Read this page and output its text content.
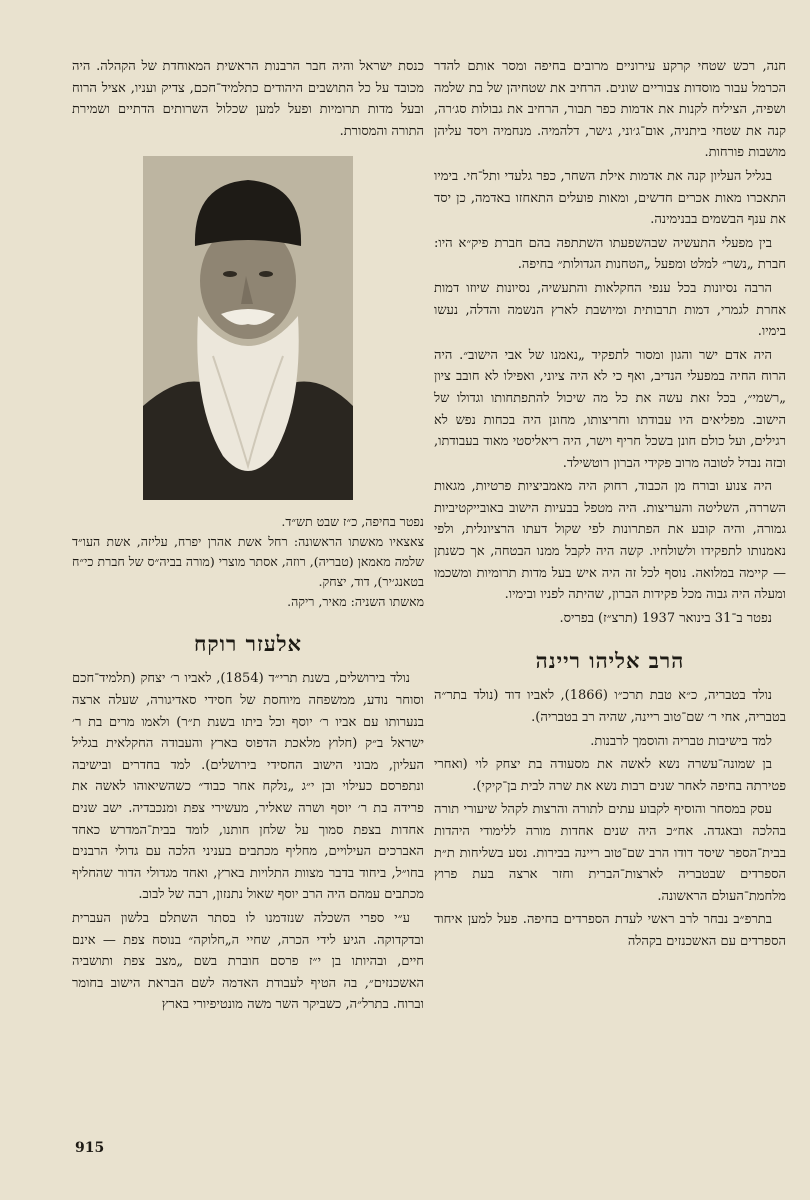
חנה, רכש שטחי קרקע עירוניים מרובים בחיפה ומסר אותם להדר הכרמל עבור מוסדות צבוריים שונים. הרחיב את שטחיהן של בת שלמה ושפיה, הציליח לקנות את אדמות כפר תבור, הרחיב את גבולות סג׳רה, קנה את שטחי ביתניה, אום־ג׳וני, ג׳שר, דלהמיה. מנחמיה ויסד עליהן מושבות פורחות.

בגליל העליון קנה את אדמות אילת השחר, כפר גלעדי ותל־חי. בימיו התאכרו מאות אכרים חדשים, ומאות פועלים התאחזו באדמה, כן יסד את ענף הבשמים בבנימינה.

בין מפעלי התעשיה שבהשפעתו השתתפה בהם חברת פיק״א היו: חברת „נשר״ למלט ומפעל „הטחנות הגדולות״ בחיפה.

הרבה נסיונות בכל ענפי החקלאות והתעשיה, נסיונות שיוזו דמות אחרת לגמרי, דמות תרבותית ומיושבת לארץ הנשמה והדלה, נעשו בימיו.

היה אדם ישר והגון ומסור לתפקיד „נאמנו של אבי הישוב״. היה הרוח החיה במפעלי הנדיב, ואף כי לא היה ציוני, ואפילו לא חובב ציון „רשמי״, בכל זאת עשה את כל מה שיכול להתפתחותו וגדולו של הישוב. מפליאים היו עבודתו וחריצותו, מחונן היה בכחות נפש לא רגילים, ועל כולם חונן בשכל חריף וישר, היה ריאליסטי מאוד בעבודתו, ובזה נבדל לטובה מרוב פקידי הברון רוטשילד.

היה צנוע ובורח מן הכבוד, רחוק היה מאמביציות פרטיות, מגאות השררה, השליטה והעריצות. היה מטפל בבעיות הישוב באובייקטיביות גמורה, והיה קובע את הפתרונות לפי שקול דעתו הרציונלית, ולפי נאמנותו לתפקידו ולשולחיו. קשה היה לקבל ממנו הבטחה, אך כשנתן — קיימה במלואה. נוסף לכל זה היה איש בעל מדות תרומיות ומשכמו ומעלה היה גבוה מכל פקידות הברון, שהיתה לפניו ובימיו.

נפטר ב־31 בינואר 1937 (תרצ״ז) בפריס.

הרב אליהו ריינה

נולד בטבריה, כ״א טבת תרכ״ו (1866), לאביו דוד (נולד בתר״ה בטבריה, אחי ר׳ שם־טוב ריינה, שהיה רב בטבריה).

למד בישיבות טבריה והוסמך לרבנות.

בן שמונה־עשרה נשא לאשה את מסעודה בת יצחק לוי (ואחרי פטירתה בחיפה לאחר שנים רבות נשא את שרה לבית בן־קיקי).

עסק במסחר והוסיף לקבוע עתים לתורה והרצות לקהל שיעורי תורה בהלכה ובאגדה. אח״כ היה שנים אחדות מורה ללימודי היהדות בבית־הספר שיסד דודו הרב שם־טוב ריינה בבירות. נסע בשליחות ת״ת הספרדים שבטבריה לארצות־הברית וחזר ארצה בעת פרוץ מלחמת־העולם הראשונה.

בתרפ״ב נבחר לרב ראשי לעדת הספרדים בחיפה. פעל למען איחוד הספרדים עם האשכנזים בקהלה

כנסת ישראל והיה חבר הרבנות הראשית המאוחדת של הקהלה. היה מכובד על כל התושבים היהודים כתלמיד־חכם, צדיק ועניו, אציל הרוח ובעל מדות תרומיות ופעל למען שכלול השרותים הדתיים ושמירת התורה והמסורת.

נפטר בחיפה, כ״ז שבט תש״ד.

צאצאיו מאשתו הראשונה: רחל אשת אהרן יפרח, עליזה, אשת העו״ד שלמה מאמאן (טבריה), רוזה, אסתר מוצרי (מורה בביה״ס של חברת כי״ח בטאנג׳יר), דוד, יצחק.

מאשתו השניה: מאיר, ריקה.

אלעזר רוקח

נולד בירושלים, בשנת תרי״ד (1854), לאביו ר׳ יצחק (תלמיד־חכם וסוחר נודע, ממשפחה מיוחסת של חסידי סאדיגורה, שעלה ארצה בנערותו עם אביו ר׳ יוסף וכל ביתו בשנת ת״ר) ולאמו מרים בת ר׳ ישראל ב״ק (חלוץ מלאכת הדפוס בארץ והעבודה החקלאית בגליל העליון, מבוני הישוב החסידי בירושלים). למד בחדרים ובישיבה ונתפרסם כעילוי ובן י״ג „נלקח אחר כבוד״ כשהשיאוהו לאשה את פרידה בת ר׳ יוסף ושרה שאליר, מעשירי צפת ומנכבדיה. ישב שנים אחדות בצפת סמוך על שלחן חותנו, לומד בבית־המדרש כאחד האברכים העילויים, מחליף מכתבים בעניני הלכה עם גדולי הרבנים בחו״ל, ביחוד בדבר מצוות התלויות בארץ, ואחד מגדולי הדור שהחליף מכתבים עמהם היה הרב יוסף שאול נתנזון, רבה של לבוב.

ע״י ספרי השכלה שנזדמנו לו בסתר השתלם בלשון העברית ובדקדוקה. הגיע לידי הכרה, שחיי ה„חלוקה״ בנוסח צפת — אינם חיים, ובהיותו בן י״ז פרסם חוברת בשם „מצב צפת ותושביה האשכנזים״, בה הטיף לעבודת האדמה לשם הבראת הישוב בחומר וברוח. בתרל״ה, כשביקר השר משה מונטיפיורי בארץ

915
